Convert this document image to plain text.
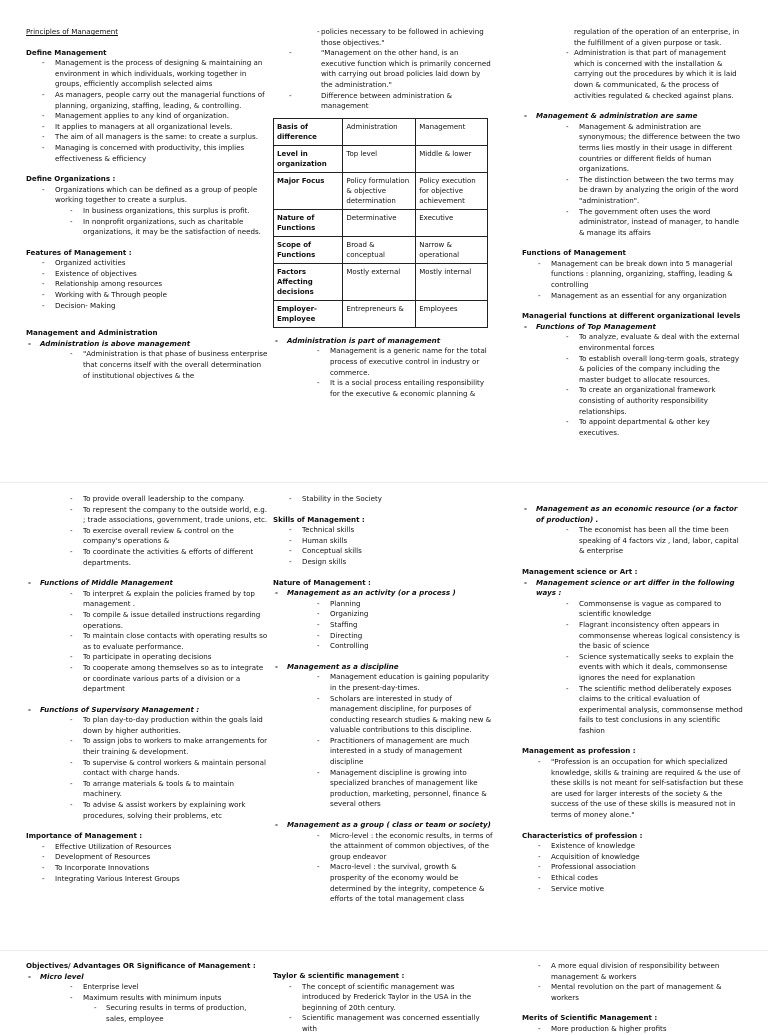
Principles of Management

Define Management

- Management is the process of designing & maintaining an environment in which individuals, working together in groups, efficiently accomplish selected aims
- As managers, people carry out the managerial functions of planning, organizing, staffing, leading, & controlling.
- Management applies to any kind of organization.
- It applies to managers at all organizational levels.
- The aim of all managers is the same: to create a surplus.
- Managing is concerned with productivity, this implies effectiveness & efficiency

Define Organizations :

- Organizations which can be defined as a group of people working together to create a surplus.
- In business organizations, this surplus is profit.
- In nonprofit organizations, such as charitable organizations, it may be the satisfaction of needs.

Features of Management :

- Organized activities
- Existence of objectives
- Relationship among resources
- Working with & Through people
- Decision- Making

Management and Administration

- Administration is above management

- "Administration is that phase of business enterprise that concerns itself with the overall determination of institutional objectives & the
- policies necessary to be followed in achieving those objectives."
- "Management on the other hand, is an executive function which is primarily concerned with carrying out broad policies laid down by the administration."
- Difference between administration & management
Basis of difference	Administration	Management
Level in organization	Top level	Middle & lower
Major Focus	Policy formulation & objective determination	Policy execution for objective achievement
Nature of Functions	Determinative	Executive
Scope of Functions	Broad & conceptual	Narrow & operational
Factors Affecting decisions	Mostly external	Mostly internal
Employer-Employee	Entrepreneurs &	Employees

- Administration is part of management

- Management is a generic name for the total process of executive control in industry or commerce.
- It is a social process entailing responsibility for the executive & economic planning &
regulation of the operation of an enterprise, in the fulfillment of a given purpose or task.
- Administration is that part of management which is concerned with the installation & carrying out the procedures by which it is laid down & communicated, & the process of activities regulated & checked against plans.

- Management & administration are same

- Management & administration are synonymous; the difference between the two terms lies mostly in their usage in different countries or different fields of human organizations.
- The distinction between the two terms may be drawn by analyzing the origin of the word "administration".
- The government often uses the word administrator, instead of manager, to handle & manage its affairs

Functions of Management

- Management can be break down into 5 managerial functions : planning, organizing, staffing, leading & controlling
- Management as an essential for any organization

Managerial functions at different organizational levels

- Functions of Top Management

- To analyze, evaluate & deal with the external environmental forces
- To establish overall long-term goals, strategy & policies of the company including the master budget to allocate resources.
- To create an organizational framework consisting of authority responsibility relationships.
- To appoint departmental & other key executives.
- To provide overall leadership to the company.
- To represent the company to the outside world, e.g. ; trade associations, government, trade unions, etc.
- To exercise overall review & control on the company's operations &
- To coordinate the activities & efforts of different departments.

- Functions of Middle Management

- To interpret & explain the policies framed by top management .
- To compile & issue detailed instructions regarding operations.
- To maintain close contacts with operating results so as to evaluate performance.
- To participate in operating decisions
- To cooperate among themselves so as to integrate or coordinate various parts of a division or a department

- Functions of Supervisory Management :

- To plan day-to-day production within the goals laid down by higher authorities.
- To assign jobs to workers to make arrangements for their training & development.
- To supervise & control workers & maintain personal contact with charge hands.
- To arrange materials & tools & to maintain machinery.
- To advise & assist workers by explaining work procedures, solving their problems, etc

Importance of Management :

- Effective Utilization of Resources
- Development of Resources
- To Incorporate Innovations
- Integrating Various Interest Groups
- Stability in the Society

Skills of Management :

- Technical skills
- Human skills
- Conceptual skills
- Design skills

Nature of Management :

- Management as an activity (or a process )

- Planning
- Organizing
- Staffing
- Directing
- Controlling

- Management as a discipline

- Management education is gaining popularity in the present-day-times.
- Scholars are interested in study of management discipline, for purposes of conducting research studies & making new & valuable contributions to this discipline.
- Practitioners of management are much interested in a study of management discipline
- Management discipline is growing into specialized branches of management like production, marketing, personnel, finance & several others

- Management as a group ( class or team or society)

- Micro-level : the economic results, in terms of the attainment of common objectives, of the group endeavor
- Macro-level : the survival, growth & prosperity of the economy would be determined by the integrity, competence & efforts of the total management class

- Management as an economic resource (or a factor of production) .

- The economist has been all the time been speaking of 4 factors viz , land, labor, capital & enterprise

Management science or Art :

- Management science or art differ in the following ways :

- Commonsense is vague as compared to scientific knowledge
- Flagrant inconsistency often appears in commonsense whereas logical consistency is the basic of science
- Science systematically seeks to explain the events with which it deals, commonsense ignores the need for explanation
- The scientific method deliberately exposes claims to the critical evaluation of experimental analysis, commonsense method fails to test conclusions in any scientific fashion

Management as profession :

- "Profession is an occupation for which specialized knowledge, skills & training are required & the use of these skills is not meant for self-satisfaction but these are used for larger interests of the society & the success of the use of these skills is measured not in terms of money alone."

Characteristics of profession :

- Existence of knowledge
- Acquisition of knowledge
- Professional association
- Ethical codes
- Service motive

Objectives/ Advantages OR Significance of Management :

- Micro level

- Enterprise level
- Maximum results with minimum inputs
- Securing results in terms of production, sales, employee

Taylor & scientific management :

- The concept of scientific management was introduced by Frederick Taylor in the USA in the beginning of 20th century.
- Scientific management was concerned essentially with
- A more equal division of responsibility between management & workers
- Mental revolution on the part of management & workers

Merits of Scientific Management :

- More production & higher profits
